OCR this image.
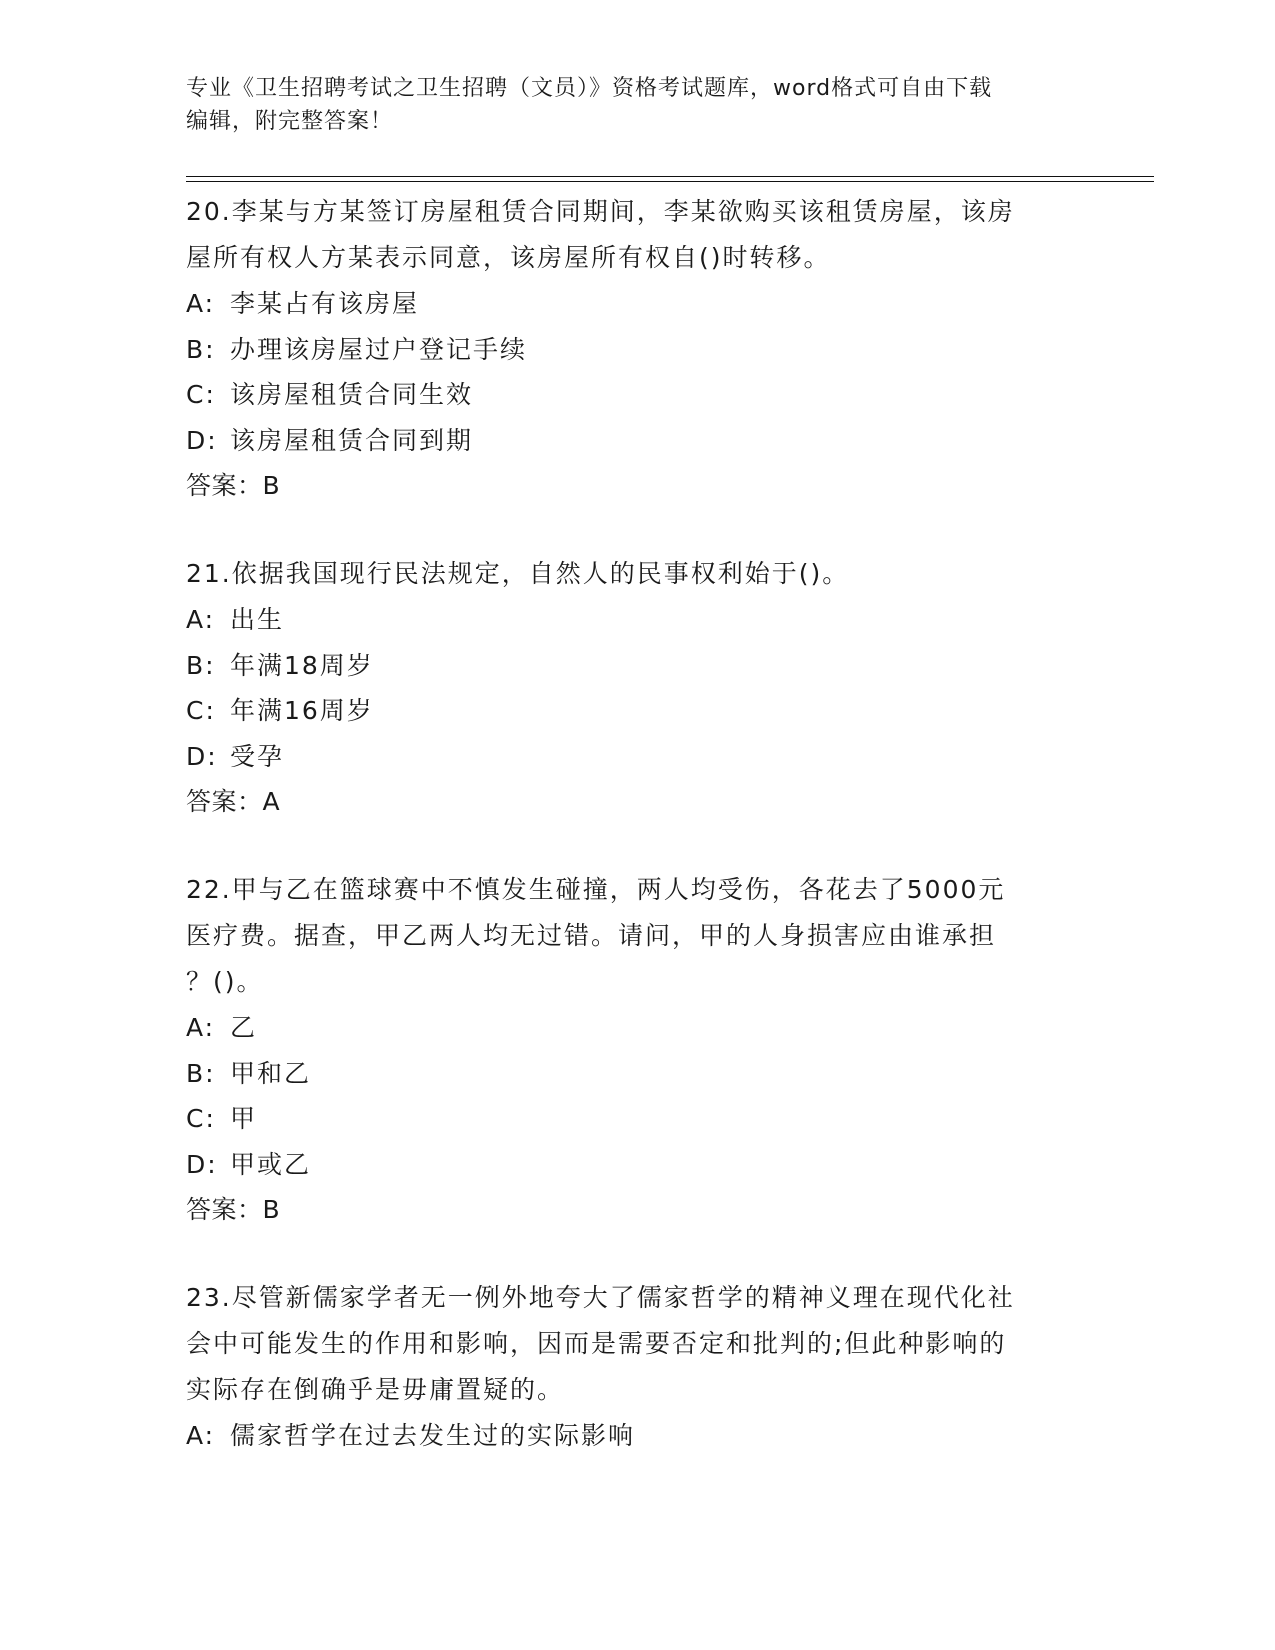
专业《卫生招聘考试之卫生招聘（文员）》资格考试题库，word格式可自由下载
编辑，附完整答案！
20.李某与方某签订房屋租赁合同期间，李某欲购买该租赁房屋，该房
屋所有权人方某表示同意，该房屋所有权自()时转移。
A: 李某占有该房屋
B: 办理该房屋过户登记手续
C: 该房屋租赁合同生效
D: 该房屋租赁合同到期
答案：B
21.依据我国现行民法规定，自然人的民事权利始于()。
A: 出生
B: 年满18周岁
C: 年满16周岁
D: 受孕
答案：A
22.甲与乙在篮球赛中不慎发生碰撞，两人均受伤，各花去了5000元
医疗费。据查，甲乙两人均无过错。请问，甲的人身损害应由谁承担
？()。
A: 乙
B: 甲和乙
C: 甲
D: 甲或乙
答案：B
23.尽管新儒家学者无一例外地夸大了儒家哲学的精神义理在现代化社
会中可能发生的作用和影响，因而是需要否定和批判的;但此种影响的
实际存在倒确乎是毋庸置疑的。
A: 儒家哲学在过去发生过的实际影响
